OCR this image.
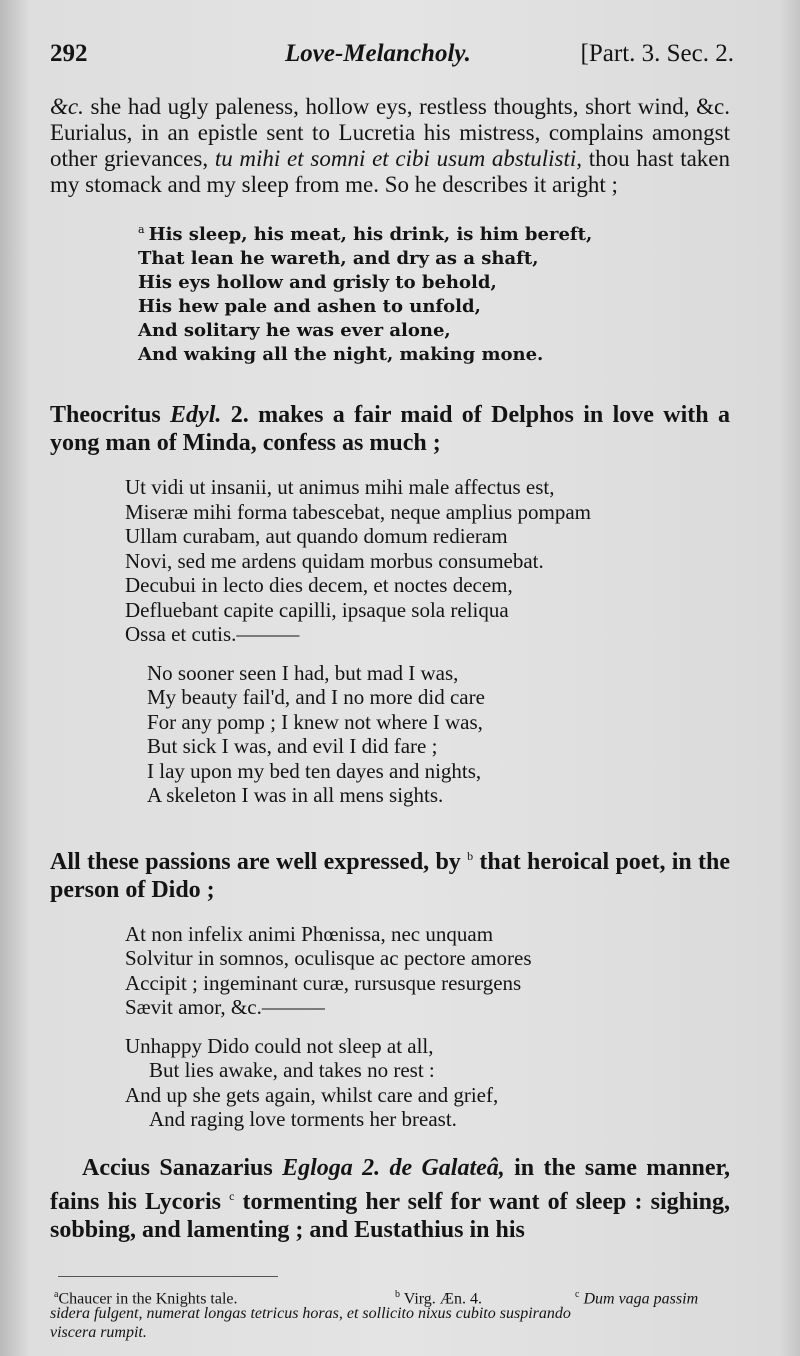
292	Love-Melancholy.	[Part. 3. Sec. 2.

&c. she had ugly paleness, hollow eys, restless thoughts, short wind, &c. Eurialus, in an epistle sent to Lucretia his mistress, complains amongst other grievances, tu mihi et somni et cibi usum abstulisti, thou hast taken my stomack and my sleep from me. So he describes it aright ;

$^a$ His sleep, his meat, his drink, is him bereft,
That lean he wareth, and dry as a shaft,
His eys hollow and grisly to behold,
His hew pale and ashen to unfold,
And solitary he was ever alone,
And waking all the night, making mone.

Theocritus Edyl. 2. makes a fair maid of Delphos in love with a yong man of Minda, confess as much ;

Ut vidi ut insanii, ut animus mihi male affectus est,
Miseræ mihi forma tabescebat, neque amplius pompam
Ullam curabam, aut quando domum redieram
Novi, sed me ardens quidam morbus consumebat.
Decubui in lecto dies decem, et noctes decem,
Defluebant capite capilli, ipsaque sola reliqua
Ossa et cutis.———
No sooner seen I had, but mad I was,
My beauty fail'd, and I no more did care
For any pomp ; I knew not where I was,
But sick I was, and evil I did fare ;
I lay upon my bed ten dayes and nights,
A skeleton I was in all mens sights.

All these passions are well expressed, by $^b$ that heroical poet, in the person of Dido ;

At non infelix animi Phœnissa, nec unquam
Solvitur in somnos, oculisque ac pectore amores
Accipit ; ingeminant curæ, rursusque resurgens
Sævit amor, &c.———
Unhappy Dido could not sleep at all,
But lies awake, and takes no rest :
And up she gets again, whilst care and grief,
And raging love torments her breast.

Accius Sanazarius Egloga 2. de Galateâ, in the same manner, fains his Lycoris $^c$ tormenting her self for want of sleep : sighing, sobbing, and lamenting ; and Eustathius in his

$^a$Chaucer in the Knights tale.	$^b$ Virg. Æn. 4.	$^c$ Dum vaga passim
sidera fulgent, numerat longas tetricus horas, et sollicito nixus cubito suspirando
viscera rumpit.
